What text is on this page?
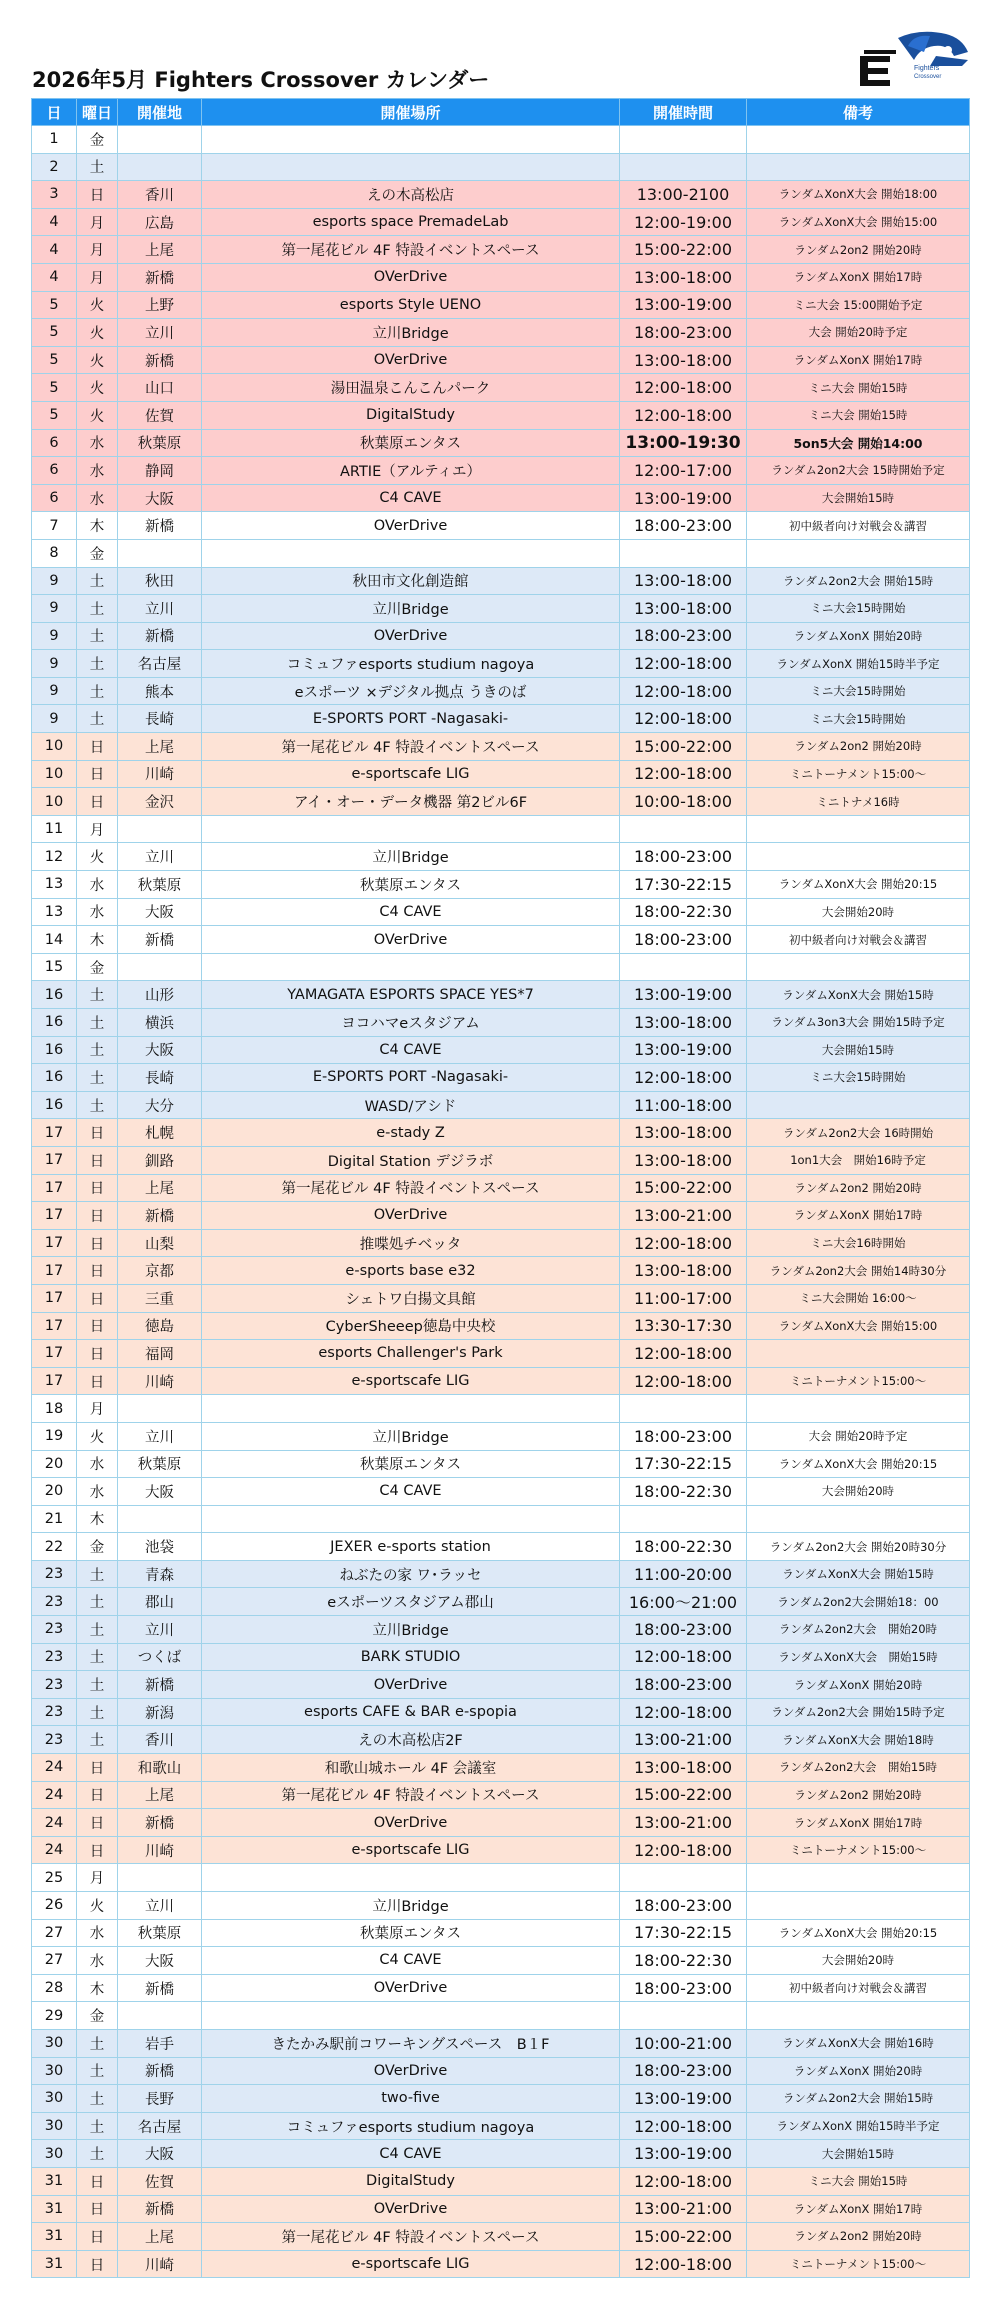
2026年5月 Fighters Crossover カレンダー	Fighters
Crossover
日	曜日	開催地	開催場所	開催時間	備考
1	金				
2	土				
3	日	香川	えの木高松店	13:00-2100	ランダムXonX大会 開始18:00
4	月	広島	esports space PremadeLab	12:00-19:00	ランダムXonX大会 開始15:00
4	月	上尾	第一尾花ビル 4F 特設イベントスペース	15:00-22:00	ランダム2on2 開始20時
4	月	新橋	OVerDrive	13:00-18:00	ランダムXonX 開始17時
5	火	上野	esports Style UENO	13:00-19:00	ミニ大会 15:00開始予定
5	火	立川	立川Bridge	18:00-23:00	大会 開始20時予定
5	火	新橋	OVerDrive	13:00-18:00	ランダムXonX 開始17時
5	火	山口	湯田温泉こんこんパーク	12:00-18:00	ミニ大会 開始15時
5	火	佐賀	DigitalStudy	12:00-18:00	ミニ大会 開始15時
6	水	秋葉原	秋葉原エンタス	13:00-19:30	5on5大会 開始14:00
6	水	静岡	ARTIE（アルティエ）	12:00-17:00	ランダム2on2大会 15時開始予定
6	水	大阪	C4 CAVE	13:00-19:00	大会開始15時
7	木	新橋	OVerDrive	18:00-23:00	初中級者向け対戦会＆講習
8	金				
9	土	秋田	秋田市文化創造館	13:00-18:00	ランダム2on2大会 開始15時
9	土	立川	立川Bridge	13:00-18:00	ミニ大会15時開始
9	土	新橋	OVerDrive	18:00-23:00	ランダムXonX 開始20時
9	土	名古屋	コミュファesports studium nagoya	12:00-18:00	ランダムXonX 開始15時半予定
9	土	熊本	eスポーツ ×デジタル拠点 うきのば	12:00-18:00	ミニ大会15時開始
9	土	長崎	E-SPORTS PORT -Nagasaki-	12:00-18:00	ミニ大会15時開始
10	日	上尾	第一尾花ビル 4F 特設イベントスペース	15:00-22:00	ランダム2on2 開始20時
10	日	川崎	e-sportscafe LIG	12:00-18:00	ミニトーナメント15:00～
10	日	金沢	アイ・オー・データ機器 第2ビル6F	10:00-18:00	ミニトナメ16時
11	月				
12	火	立川	立川Bridge	18:00-23:00	
13	水	秋葉原	秋葉原エンタス	17:30-22:15	ランダムXonX大会 開始20:15
13	水	大阪	C4 CAVE	18:00-22:30	大会開始20時
14	木	新橋	OVerDrive	18:00-23:00	初中級者向け対戦会＆講習
15	金				
16	土	山形	YAMAGATA ESPORTS SPACE YES*7	13:00-19:00	ランダムXonX大会 開始15時
16	土	横浜	ヨコハマeスタジアム	13:00-18:00	ランダム3on3大会 開始15時予定
16	土	大阪	C4 CAVE	13:00-19:00	大会開始15時
16	土	長崎	E-SPORTS PORT -Nagasaki-	12:00-18:00	ミニ大会15時開始
16	土	大分	WASD/アシド	11:00-18:00	
17	日	札幌	e-stady Z	13:00-18:00	ランダム2on2大会 16時開始
17	日	釧路	Digital Station デジラボ	13:00-18:00	1on1大会　開始16時予定
17	日	上尾	第一尾花ビル 4F 特設イベントスペース	15:00-22:00	ランダム2on2 開始20時
17	日	新橋	OVerDrive	13:00-21:00	ランダムXonX 開始17時
17	日	山梨	推喋処チベッタ	12:00-18:00	ミニ大会16時開始
17	日	京都	e-sports base e32	13:00-18:00	ランダム2on2大会 開始14時30分
17	日	三重	シェトワ白揚文具館	11:00-17:00	ミニ大会開始 16:00～
17	日	徳島	CyberSheeep徳島中央校	13:30-17:30	ランダムXonX大会 開始15:00
17	日	福岡	esports Challenger's Park	12:00-18:00	
17	日	川崎	e-sportscafe LIG	12:00-18:00	ミニトーナメント15:00～
18	月				
19	火	立川	立川Bridge	18:00-23:00	大会 開始20時予定
20	水	秋葉原	秋葉原エンタス	17:30-22:15	ランダムXonX大会 開始20:15
20	水	大阪	C4 CAVE	18:00-22:30	大会開始20時
21	木				
22	金	池袋	JEXER e-sports station	18:00-22:30	ランダム2on2大会 開始20時30分
23	土	青森	ねぶたの家 ワ･ラッセ	11:00-20:00	ランダムXonX大会 開始15時
23	土	郡山	eスポーツスタジアム郡山	16:00～21:00	ランダム2on2大会開始18：00
23	土	立川	立川Bridge	18:00-23:00	ランダム2on2大会　開始20時
23	土	つくば	BARK STUDIO	12:00-18:00	ランダムXonX大会　開始15時
23	土	新橋	OVerDrive	18:00-23:00	ランダムXonX 開始20時
23	土	新潟	esports CAFE & BAR e-spopia	12:00-18:00	ランダム2on2大会 開始15時予定
23	土	香川	えの木高松店2F	13:00-21:00	ランダムXonX大会 開始18時
24	日	和歌山	和歌山城ホール 4F 会議室	13:00-18:00	ランダム2on2大会　開始15時
24	日	上尾	第一尾花ビル 4F 特設イベントスペース	15:00-22:00	ランダム2on2 開始20時
24	日	新橋	OVerDrive	13:00-21:00	ランダムXonX 開始17時
24	日	川崎	e-sportscafe LIG	12:00-18:00	ミニトーナメント15:00～
25	月				
26	火	立川	立川Bridge	18:00-23:00	
27	水	秋葉原	秋葉原エンタス	17:30-22:15	ランダムXonX大会 開始20:15
27	水	大阪	C4 CAVE	18:00-22:30	大会開始20時
28	木	新橋	OVerDrive	18:00-23:00	初中級者向け対戦会＆講習
29	金				
30	土	岩手	きたかみ駅前コワーキングスペース　B１F	10:00-21:00	ランダムXonX大会 開始16時
30	土	新橋	OVerDrive	18:00-23:00	ランダムXonX 開始20時
30	土	長野	two-five	13:00-19:00	ランダム2on2大会 開始15時
30	土	名古屋	コミュファesports studium nagoya	12:00-18:00	ランダムXonX 開始15時半予定
30	土	大阪	C4 CAVE	13:00-19:00	大会開始15時
31	日	佐賀	DigitalStudy	12:00-18:00	ミニ大会 開始15時
31	日	新橋	OVerDrive	13:00-21:00	ランダムXonX 開始17時
31	日	上尾	第一尾花ビル 4F 特設イベントスペース	15:00-22:00	ランダム2on2 開始20時
31	日	川崎	e-sportscafe LIG	12:00-18:00	ミニトーナメント15:00～
